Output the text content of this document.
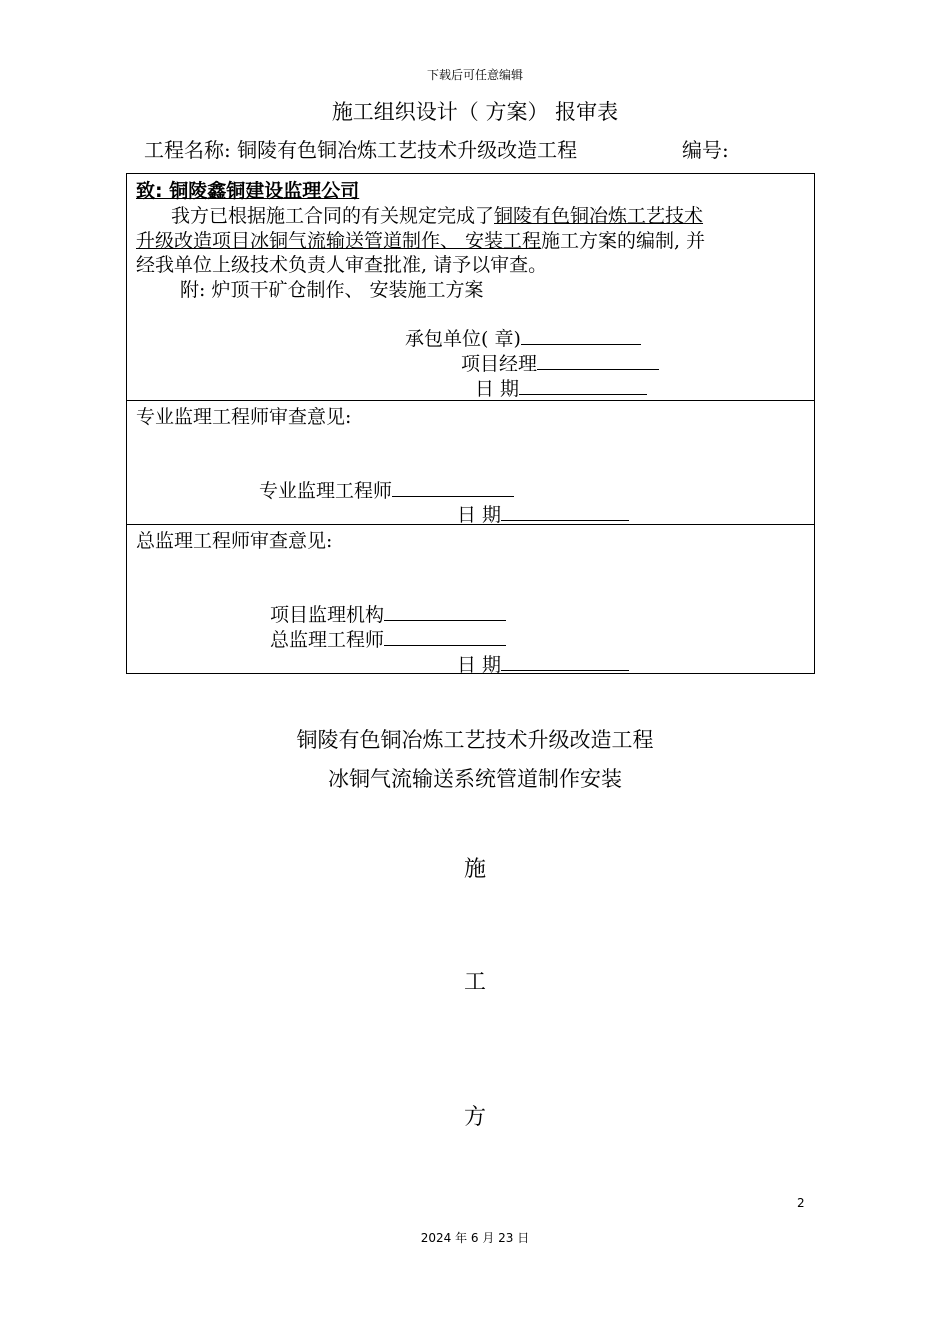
下载后可任意编辑
施工组织设计（ 方案） 报审表
工程名称: 铜陵有色铜冶炼工艺技术升级改造工程	编号:
致: 铜陵鑫铜建设监理公司
我方已根据施工合同的有关规定完成了铜陵有色铜冶炼工艺技术
升级改造项目冰铜气流输送管道制作、 安装工程施工方案的编制, 并
经我单位上级技术负责人审查批准, 请予以审查。
附: 炉顶干矿仓制作、 安装施工方案
承包单位( 章)
项目经理
日 期
专业监理工程师审查意见:
专业监理工程师
日 期
总监理工程师审查意见:
项目监理机构
总监理工程师
日 期
铜陵有色铜冶炼工艺技术升级改造工程
冰铜气流输送系统管道制作安装
施
工
方
2
2024 年 6 月 23 日
